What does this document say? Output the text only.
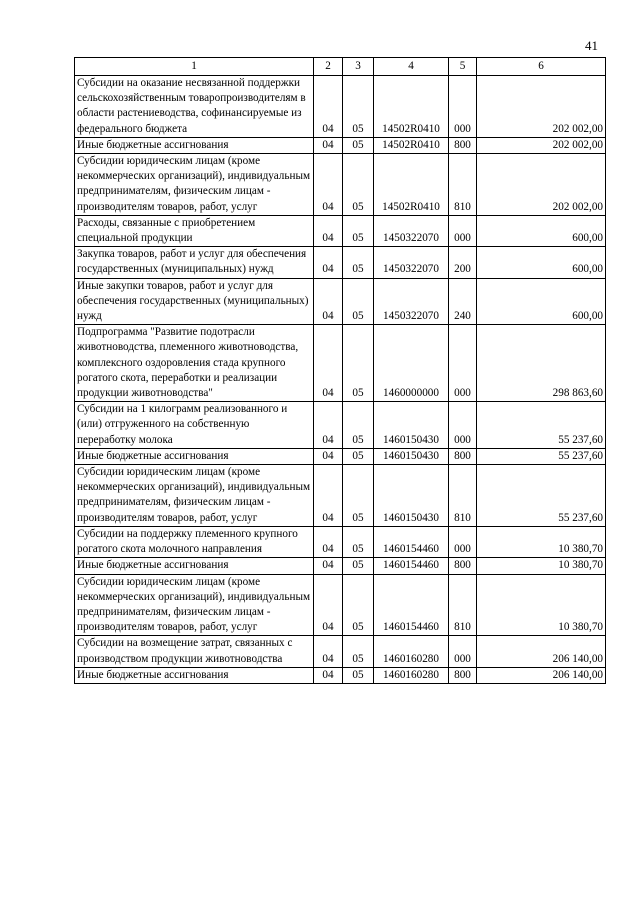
41
1	2	3	4	5	6
Субсидии на оказание несвязанной поддержки сельскохозяйственным товаропроизводителям в области растениеводства, софинансируемые из федерального бюджета	04	05	14502R0410	000	202 002,00
Иные бюджетные ассигнования	04	05	14502R0410	800	202 002,00
Субсидии юридическим лицам (кроме некоммерческих организаций), индивидуальным предпринимателям, физическим лицам - производителям товаров, работ, услуг	04	05	14502R0410	810	202 002,00
Расходы, связанные с приобретением специальной продукции	04	05	1450322070	000	600,00
Закупка товаров, работ и услуг для обеспечения государственных (муниципальных) нужд	04	05	1450322070	200	600,00
Иные закупки товаров, работ и услуг для обеспечения государственных (муниципальных) нужд	04	05	1450322070	240	600,00
Подпрограмма "Развитие подотрасли животноводства, племенного животноводства, комплексного оздоровления стада крупного рогатого скота, переработки и реализации продукции животноводства"	04	05	1460000000	000	298 863,60
Субсидии на 1 килограмм реализованного и (или) отгруженного на собственную переработку молока	04	05	1460150430	000	55 237,60
Иные бюджетные ассигнования	04	05	1460150430	800	55 237,60
Субсидии юридическим лицам (кроме некоммерческих организаций), индивидуальным предпринимателям, физическим лицам - производителям товаров, работ, услуг	04	05	1460150430	810	55 237,60
Субсидии на поддержку племенного крупного рогатого скота молочного направления	04	05	1460154460	000	10 380,70
Иные бюджетные ассигнования	04	05	1460154460	800	10 380,70
Субсидии юридическим лицам (кроме некоммерческих организаций), индивидуальным предпринимателям, физическим лицам - производителям товаров, работ, услуг	04	05	1460154460	810	10 380,70
Субсидии на возмещение затрат, связанных с производством продукции животноводства	04	05	1460160280	000	206 140,00
Иные бюджетные ассигнования	04	05	1460160280	800	206 140,00
